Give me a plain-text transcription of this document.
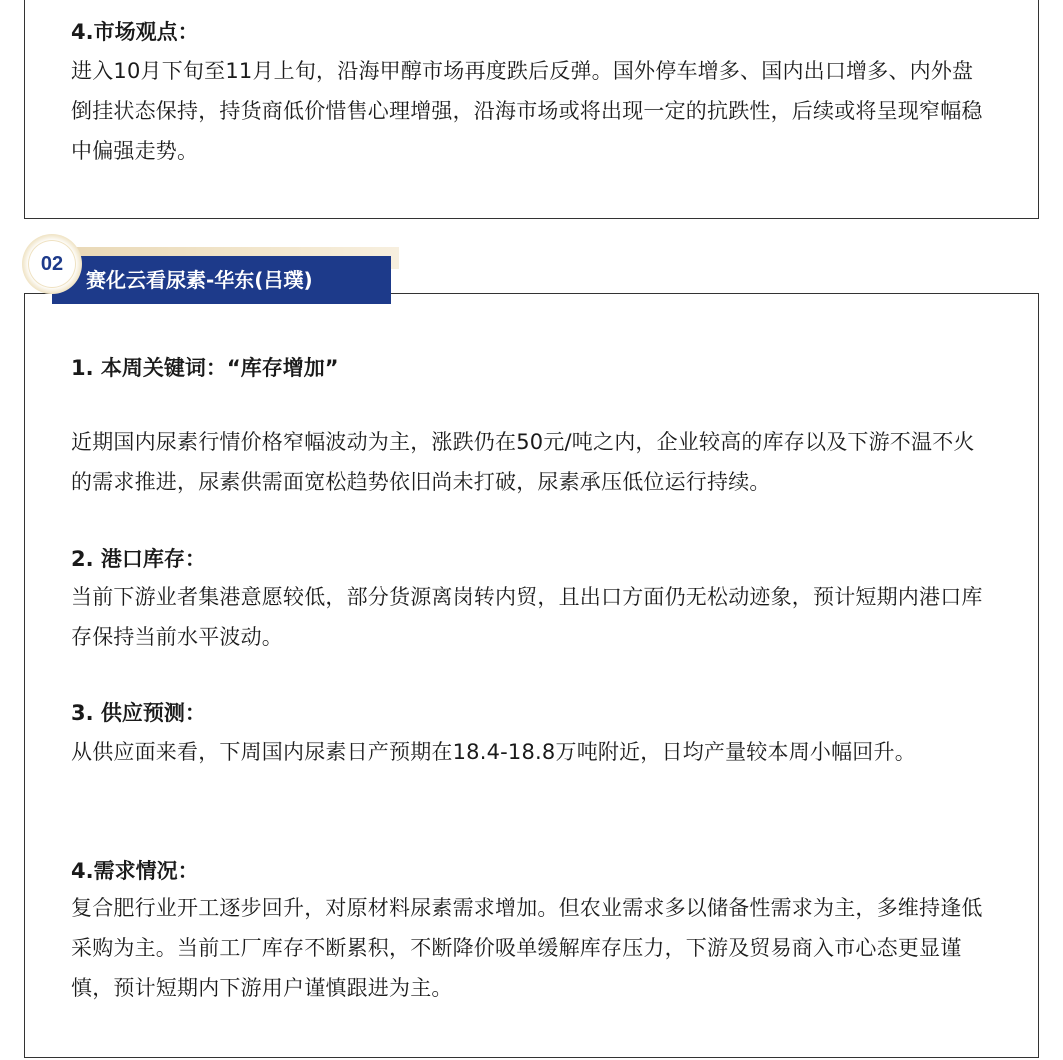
4.市场观点：

进入10月下旬至11月上旬，沿海甲醇市场再度跌后反弹。国外停车增多、国内出口增多、内外盘倒挂状态保持，持货商低价惜售心理增强，沿海市场或将出现一定的抗跌性，后续或将呈现窄幅稳中偏强走势。

1. 本周关键词：“库存增加”

近期国内尿素行情价格窄幅波动为主，涨跌仍在50元/吨之内，企业较高的库存以及下游不温不火的需求推进，尿素供需面宽松趋势依旧尚未打破，尿素承压低位运行持续。

2. 港口库存：

当前下游业者集港意愿较低，部分货源离岗转内贸，且出口方面仍无松动迹象，预计短期内港口库存保持当前水平波动。

3. 供应预测：

从供应面来看，下周国内尿素日产预期在18.4-18.8万吨附近，日均产量较本周小幅回升。

4.需求情况：

复合肥行业开工逐步回升，对原材料尿素需求增加。但农业需求多以储备性需求为主，多维持逢低采购为主。当前工厂库存不断累积，不断降价吸单缓解库存压力，下游及贸易商入市心态更显谨慎，预计短期内下游用户谨慎跟进为主。

赛化云看尿素-华东(吕璞)
02
